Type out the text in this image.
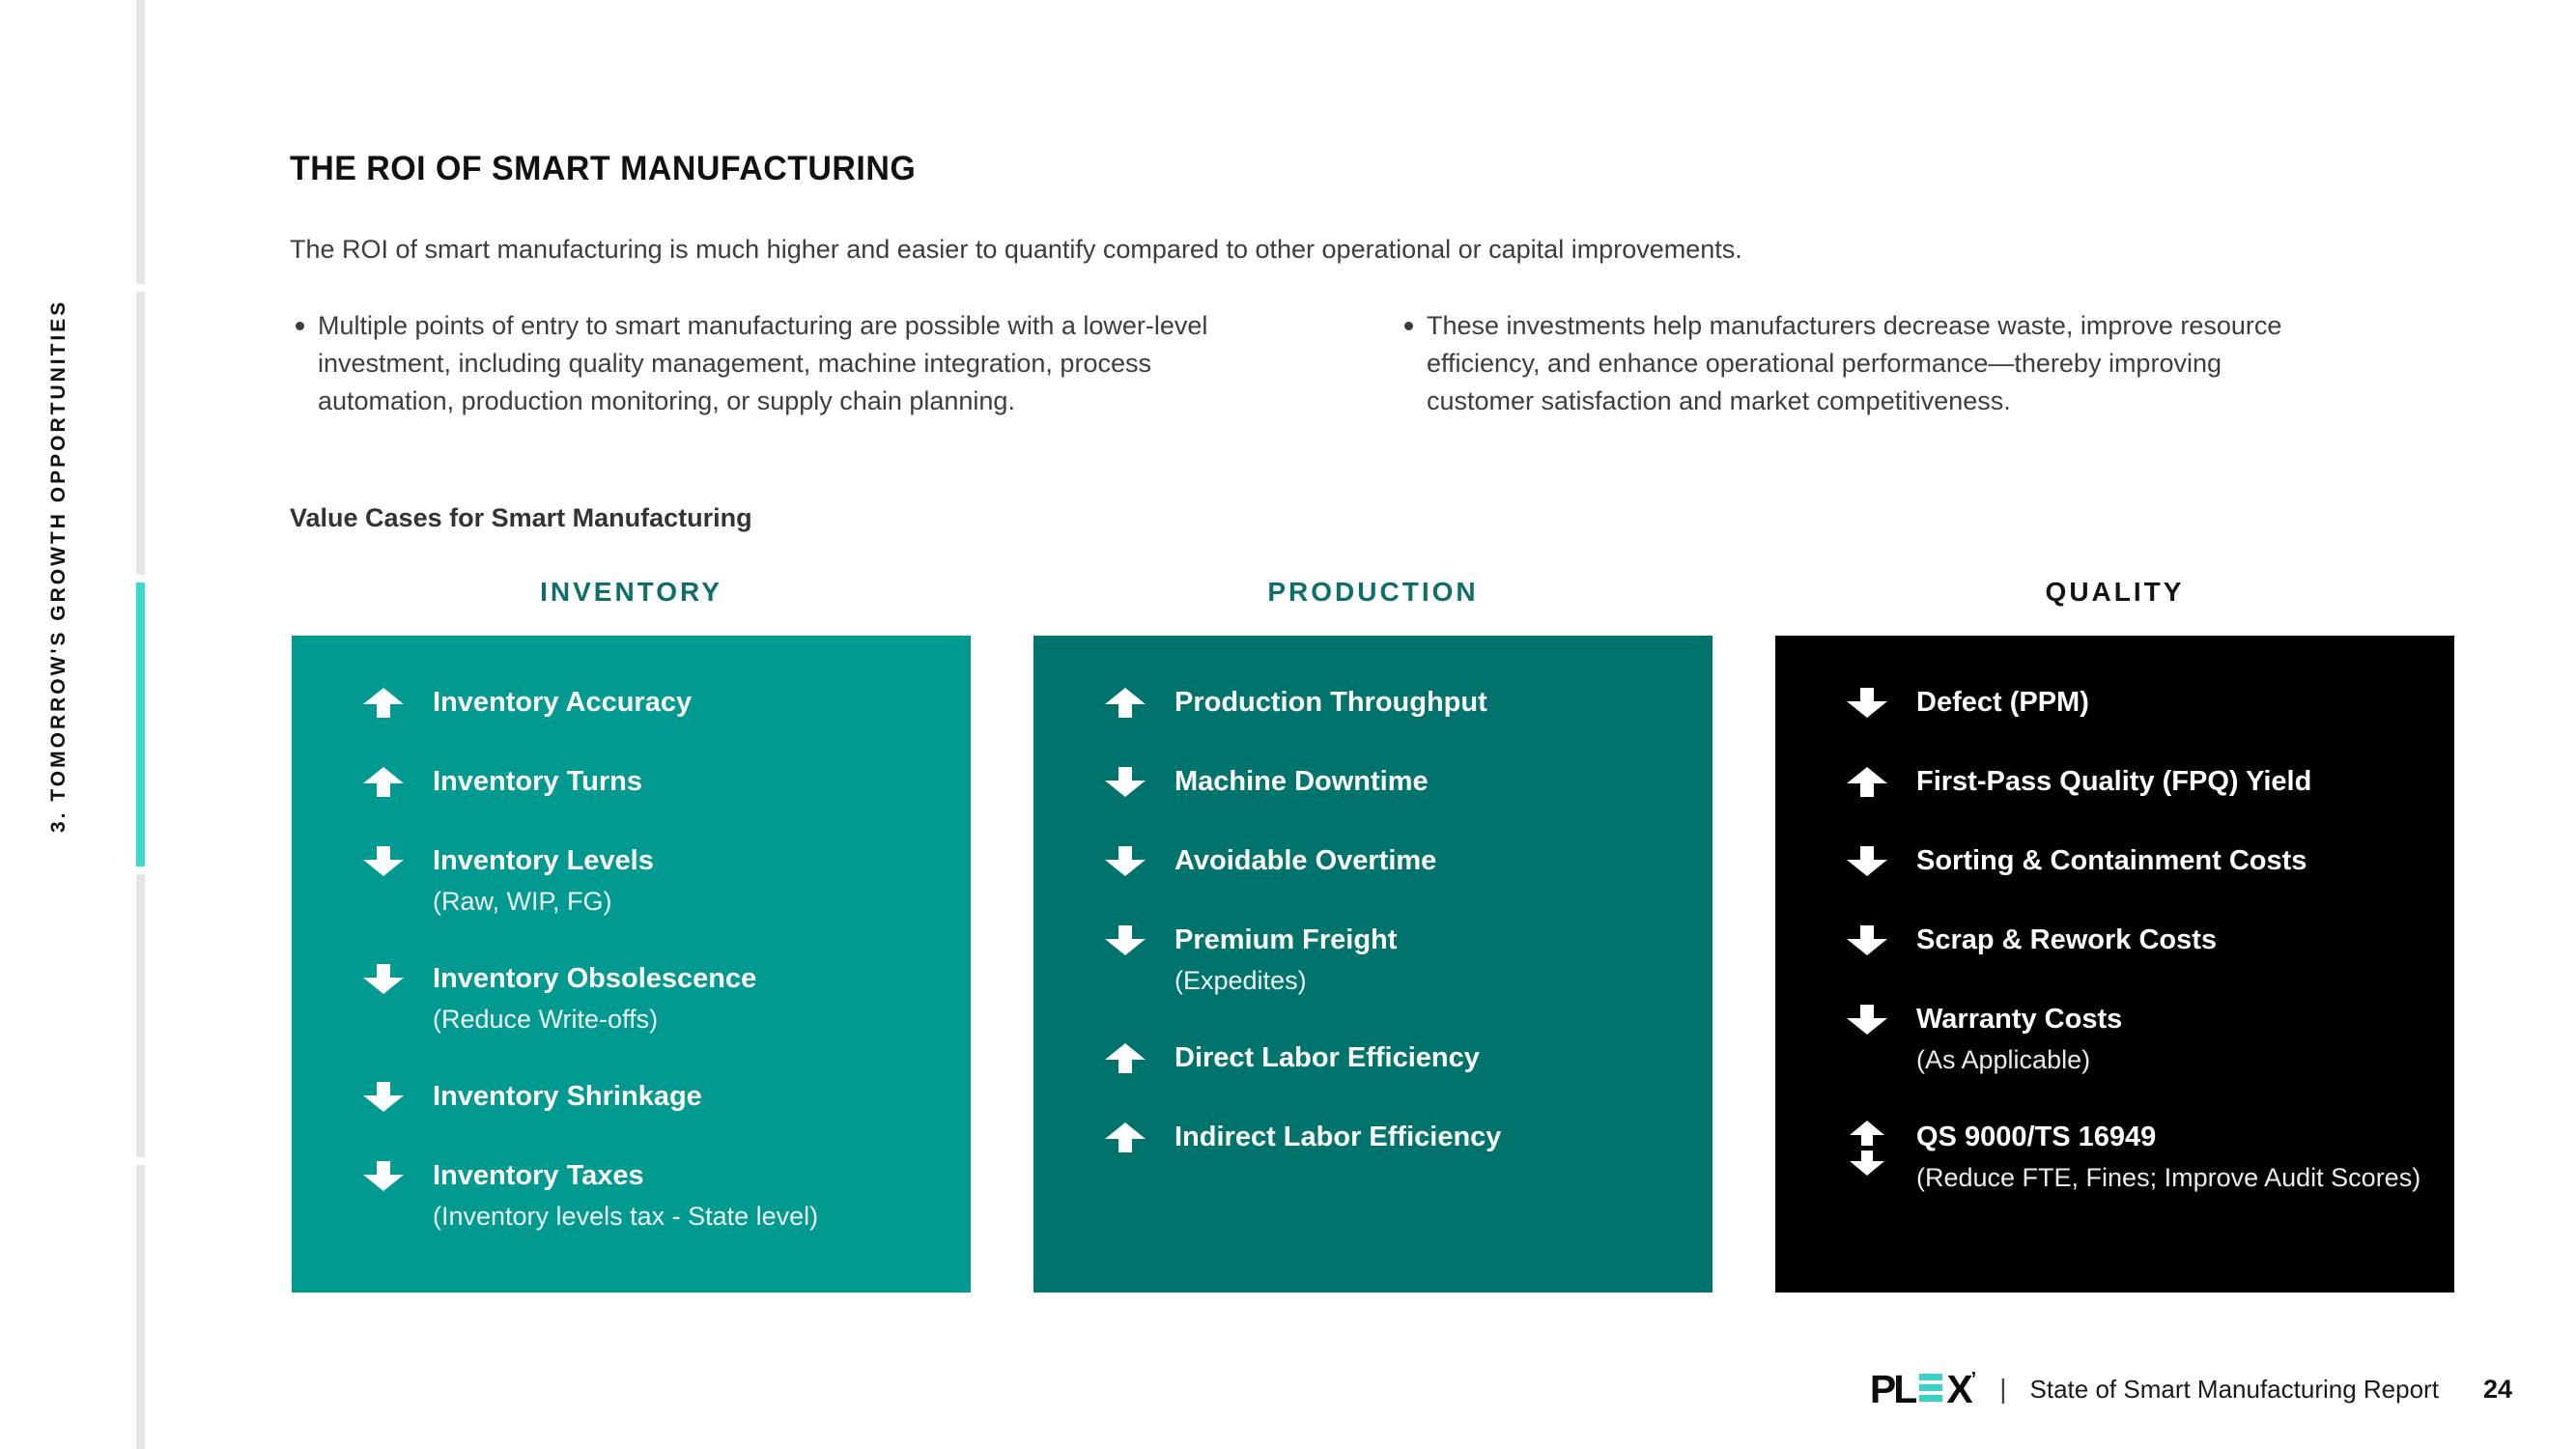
3. TOMORROW'S GROWTH OPPORTUNITIES
THE ROI OF SMART MANUFACTURING

The ROI of smart manufacturing is much higher and easier to quantify compared to other operational or capital improvements.

Multiple points of entry to smart manufacturing are possible with a lower-level investment, including quality management, machine integration, process automation, production monitoring, or supply chain planning.

These investments help manufacturers decrease waste, improve resource efficiency, and enhance operational performance—thereby improving customer satisfaction and market competitiveness.

Value Cases for Smart Manufacturing
INVENTORY	PRODUCTION	QUALITY
Inventory Accuracy
Inventory Turns
Inventory Levels
(Raw, WIP, FG)
Inventory Obsolescence
(Reduce Write-offs)
Inventory Shrinkage
Inventory Taxes
(Inventory levels tax - State level)
Production Throughput
Machine Downtime
Avoidable Overtime
Premium Freight
(Expedites)
Direct Labor Efficiency
Indirect Labor Efficiency
Defect (PPM)
First-Pass Quality (FPQ) Yield
Sorting & Containment Costs
Scrap & Rework Costs
Warranty Costs
(As Applicable)
QS 9000/TS 16949
(Reduce FTE, Fines; Improve Audit Scores)
PL X ’ | State of Smart Manufacturing Report 24
